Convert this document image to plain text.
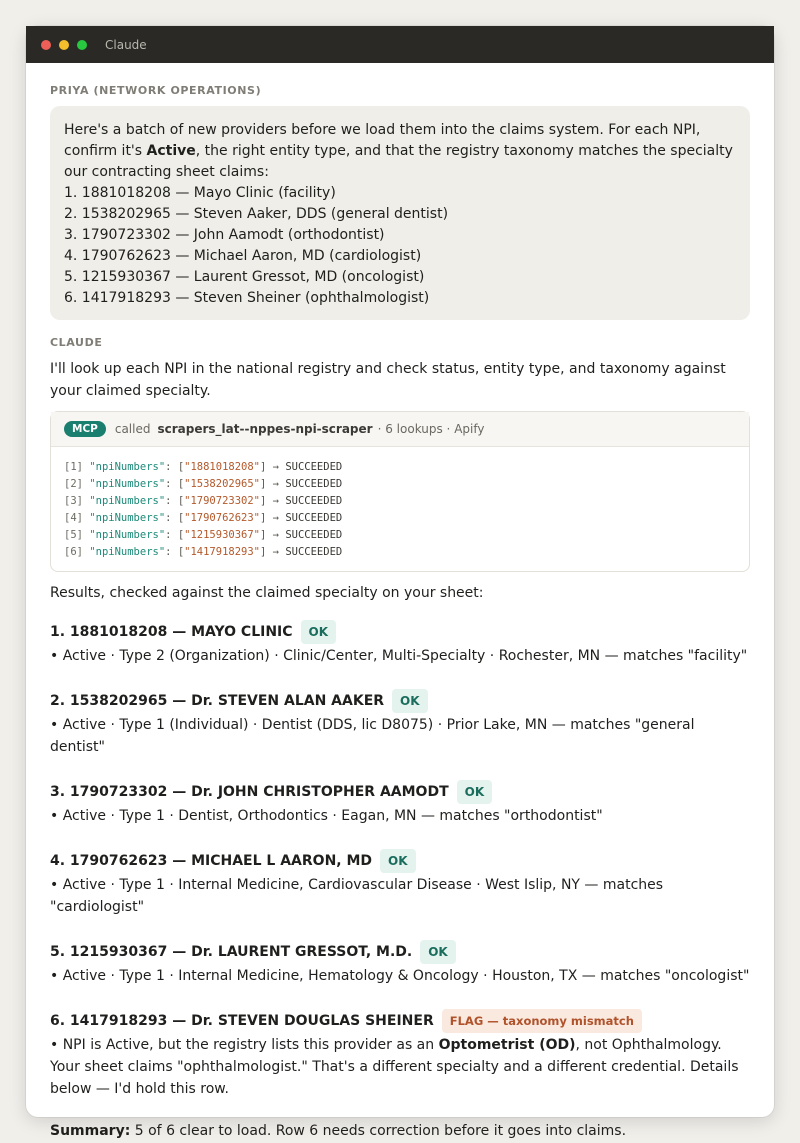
Claude
PRIYA (NETWORK OPERATIONS)

Here's a batch of new providers before we load them into the claims system. For each NPI, confirm it's Active, the right entity type, and that the registry taxonomy matches the specialty our contracting sheet claims:

1. 1881018208 — Mayo Clinic (facility)

2. 1538202965 — Steven Aaker, DDS (general dentist)

3. 1790723302 — John Aamodt (orthodontist)

4. 1790762623 — Michael Aaron, MD (cardiologist)

5. 1215930367 — Laurent Gressot, MD (oncologist)

6. 1417918293 — Steven Sheiner (ophthalmologist)

CLAUDE
I'll look up each NPI in the national registry and check status, entity type, and taxonomy against your claimed specialty.
MCP	called scrapers_lat--nppes-npi-scraper · 6 lookups · Apify
[1] "npiNumbers": ["1881018208"] → SUCCEEDED
[2] "npiNumbers": ["1538202965"] → SUCCEEDED
[3] "npiNumbers": ["1790723302"] → SUCCEEDED
[4] "npiNumbers": ["1790762623"] → SUCCEEDED
[5] "npiNumbers": ["1215930367"] → SUCCEEDED
[6] "npiNumbers": ["1417918293"] → SUCCEEDED
Results, checked against the claimed specialty on your sheet:
1. 1881018208 — MAYO CLINIC	OK
• Active · Type 2 (Organization) · Clinic/Center, Multi-Specialty · Rochester, MN — matches "facility"
2. 1538202965 — Dr. STEVEN ALAN AAKER	OK
• Active · Type 1 (Individual) · Dentist (DDS, lic D8075) · Prior Lake, MN — matches "general dentist"
3. 1790723302 — Dr. JOHN CHRISTOPHER AAMODT	OK
• Active · Type 1 · Dentist, Orthodontics · Eagan, MN — matches "orthodontist"
4. 1790762623 — MICHAEL L AARON, MD	OK
• Active · Type 1 · Internal Medicine, Cardiovascular Disease · West Islip, NY — matches "cardiologist"
5. 1215930367 — Dr. LAURENT GRESSOT, M.D.	OK
• Active · Type 1 · Internal Medicine, Hematology & Oncology · Houston, TX — matches "oncologist"
6. 1417918293 — Dr. STEVEN DOUGLAS SHEINER	FLAG — taxonomy mismatch
• NPI is Active, but the registry lists this provider as an Optometrist (OD), not Ophthalmology. Your sheet claims "ophthalmologist." That's a different specialty and a different credential. Details below — I'd hold this row.
Summary: 5 of 6 clear to load. Row 6 needs correction before it goes into claims.
